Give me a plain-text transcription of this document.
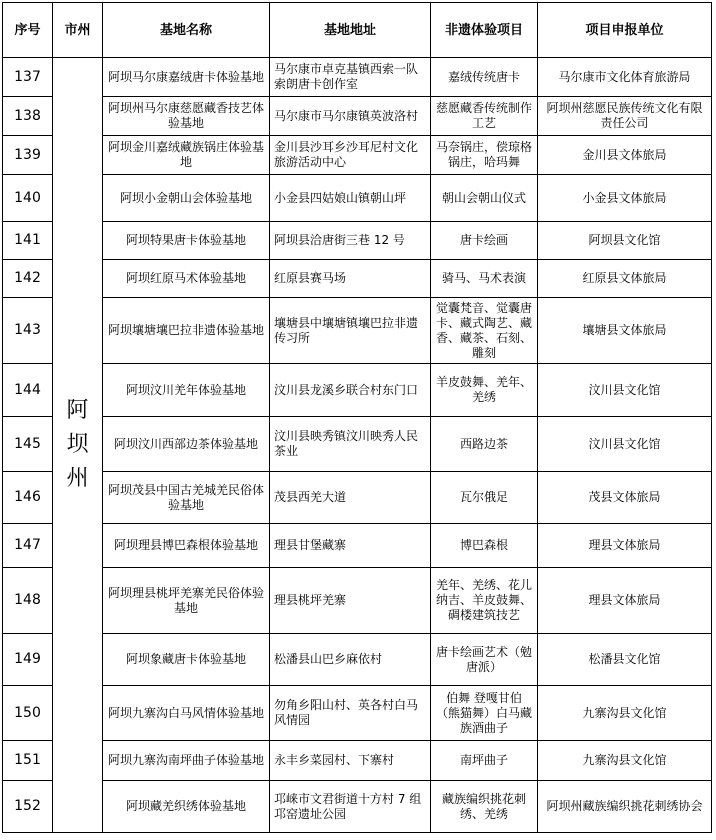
序号	市州	基地名称	基地地址	非遗体验项目	项目申报单位
137	阿坝州	阿坝马尔康嘉绒唐卡体验基地	马尔康市卓克基镇西索一队索朗唐卡创作室	嘉绒传统唐卡	马尔康市文化体育旅游局
138		阿坝州马尔康慈愿藏香技艺体验基地	马尔康市马尔康镇英波洛村	慈愿藏香传统制作工艺	阿坝州慈愿民族传统文化有限责任公司
139		阿坝金川嘉绒藏族锅庄体验基地	金川县沙耳乡沙耳尼村文化旅游活动中心	马奈锅庄，偿琼格锅庄，哈玛舞	金川县文体旅局
140		阿坝小金朝山会体验基地	小金县四姑娘山镇朝山坪	朝山会朝山仪式	小金县文体旅局
141		阿坝特果唐卡体验基地	阿坝县洽唐街三巷 12 号	唐卡绘画	阿坝县文化馆
142		阿坝红原马术体验基地	红原县赛马场	骑马、马术表演	红原县文体旅局
143		阿坝壤塘壤巴拉非遗体验基地	壤塘县中壤塘镇壤巴拉非遗传习所	觉囊梵音、觉囊唐卡、藏式陶艺、藏香、藏茶、石刻、雕刻	壤塘县文体旅局
144		阿坝汶川羌年体验基地	汶川县龙溪乡联合村东门口	羊皮鼓舞、羌年、羌绣	汶川县文化馆
145		阿坝汶川西部边茶体验基地	汶川县映秀镇汶川映秀人民茶业	西路边茶	汶川县文化馆
146		阿坝茂县中国古羌城羌民俗体验基地	茂县西羌大道	瓦尔俄足	茂县文体旅局
147		阿坝理县博巴森根体验基地	理县甘堡藏寨	博巴森根	理县文体旅局
148		阿坝理县桃坪羌寨羌民俗体验基地	理县桃坪羌寨	羌年、羌绣、花儿纳吉、羊皮鼓舞、碉楼建筑技艺	理县文体旅局
149		阿坝象藏唐卡体验基地	松潘县山巴乡麻依村	唐卡绘画艺术（勉唐派）	松潘县文化馆
150		阿坝九寨沟白马风情体验基地	勿角乡阳山村、英各村白马风情园	伯舞 登嘎甘伯（熊猫舞）白马藏族酒曲子	九寨沟县文化馆
151		阿坝九寨沟南坪曲子体验基地	永丰乡菜园村、下寨村	南坪曲子	九寨沟县文化馆
152		阿坝藏羌织绣体验基地	邛崃市文君街道十方村 7 组邛窑遗址公园	藏族编织挑花刺绣、羌绣	阿坝州藏族编织挑花刺绣协会
